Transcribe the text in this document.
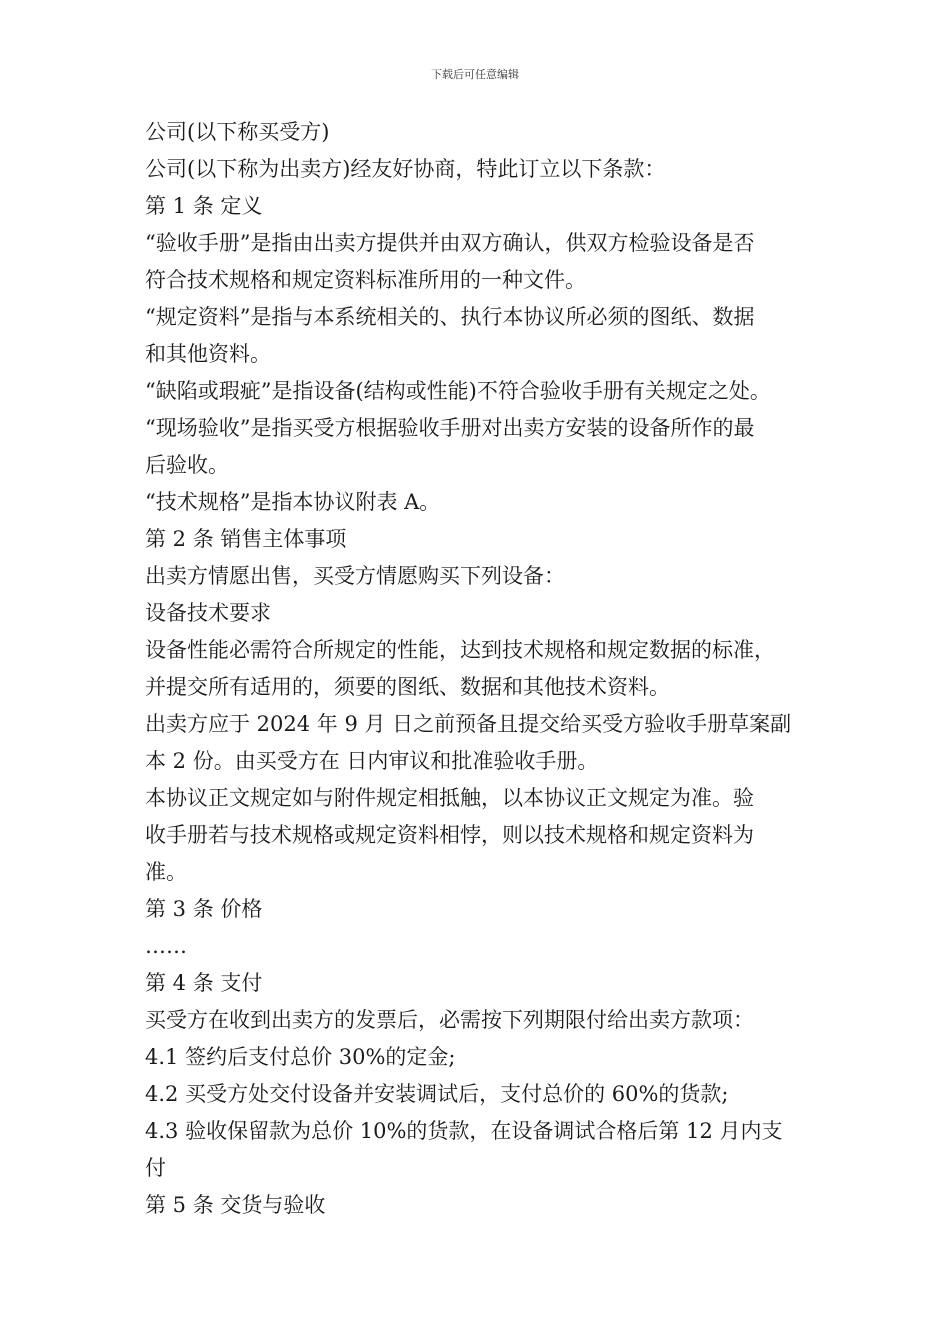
下载后可任意编辑

公司(以下称买受方)

公司(以下称为出卖方)经友好协商，特此订立以下条款：

第 1 条 定义

“验收手册”是指由出卖方提供并由双方确认，供双方检验设备是否

符合技术规格和规定资料标准所用的一种文件。

“规定资料”是指与本系统相关的、执行本协议所必须的图纸、数据

和其他资料。

“缺陷或瑕疵”是指设备(结构或性能)不符合验收手册有关规定之处。

“现场验收”是指买受方根据验收手册对出卖方安装的设备所作的最

后验收。

“技术规格”是指本协议附表 A。

第 2 条 销售主体事项

出卖方情愿出售，买受方情愿购买下列设备：

设备技术要求

设备性能必需符合所规定的性能，达到技术规格和规定数据的标准，

并提交所有适用的，须要的图纸、数据和其他技术资料。

出卖方应于 2024 年 9 月 日之前预备且提交给买受方验收手册草案副

本 2 份。由买受方在 日内审议和批准验收手册。

本协议正文规定如与附件规定相抵触，以本协议正文规定为准。验

收手册若与技术规格或规定资料相悖，则以技术规格和规定资料为

准。

第 3 条 价格

……

第 4 条 支付

买受方在收到出卖方的发票后，必需按下列期限付给出卖方款项：

4.1 签约后支付总价 30%的定金;

4.2 买受方处交付设备并安装调试后，支付总价的 60%的货款;

4.3 验收保留款为总价 10%的货款，在设备调试合格后第 12 月内支

付

第 5 条 交货与验收
